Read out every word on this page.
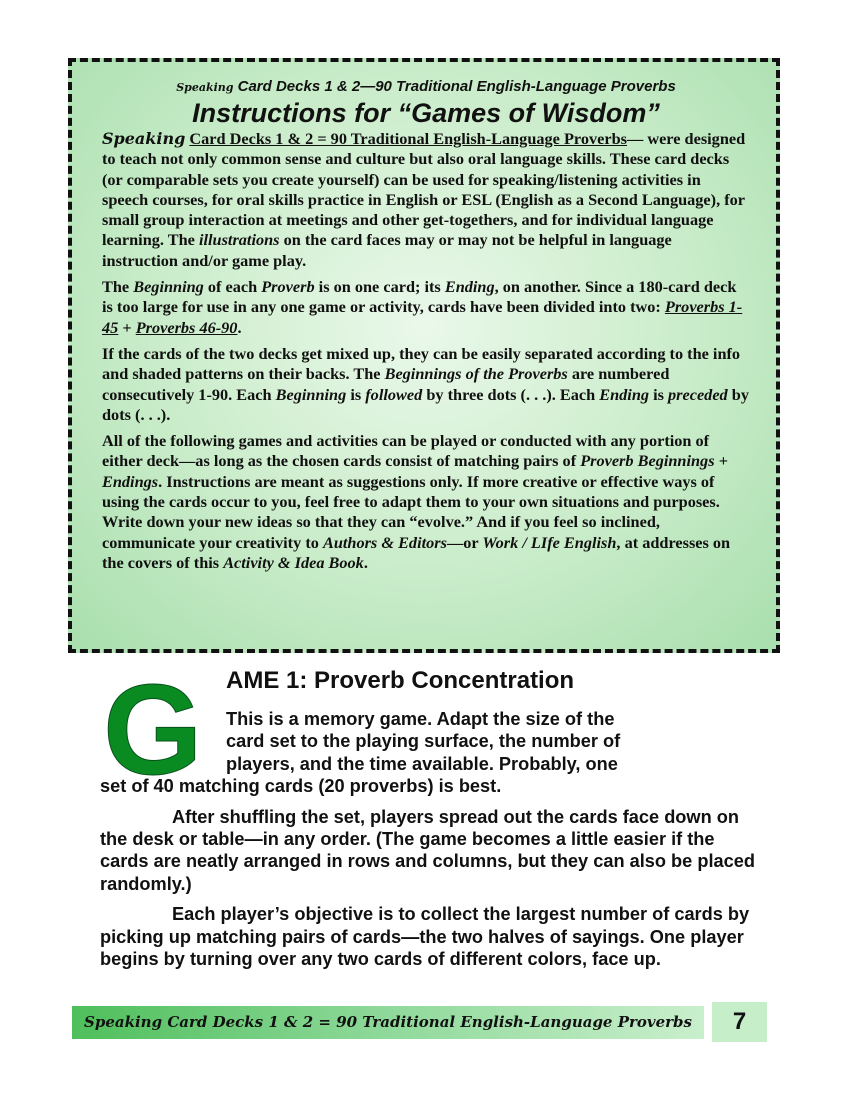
Speaking Card Decks 1 & 2—90 Traditional English-Language Proverbs
Instructions for “Games of Wisdom”

Speaking Card Decks 1 & 2 = 90 Traditional English-Language Proverbs— were designed to teach not only common sense and culture but also oral language skills. These card decks (or comparable sets you create yourself) can be used for speaking/listening activities in speech courses, for oral skills practice in English or ESL (English as a Second Language), for small group interaction at meetings and other get-togethers, and for individual language learning. The illustrations on the card faces may or may not be helpful in language instruction and/or game play.

The Beginning of each Proverb is on one card; its Ending, on another. Since a 180-card deck is too large for use in any one game or activity, cards have been divided into two: Proverbs 1-45 + Proverbs 46-90.

If the cards of the two decks get mixed up, they can be easily separated according to the info and shaded patterns on their backs. The Beginnings of the Proverbs are numbered consecutively 1-90. Each Beginning is followed by three dots (. . .). Each Ending is preceded by dots (. . .).

All of the following games and activities can be played or conducted with any portion of either deck—as long as the chosen cards consist of matching pairs of Proverb Beginnings + Endings. Instructions are meant as suggestions only. If more creative or effective ways of using the cards occur to you, feel free to adapt them to your own situations and purposes. Write down your new ideas so that they can “evolve.” And if you feel so inclined, communicate your creativity to Authors & Editors—or Work / LIfe English, at addresses on the covers of this Activity & Idea Book.

G AME 1: Proverb Concentration

This is a memory game. Adapt the size of the
card set to the playing surface, the number of
players, and the time available. Probably, one
set of 40 matching cards (20 proverbs) is best.

After shuffling the set, players spread out the cards face down on the desk or table—in any order. (The game becomes a little easier if the cards are neatly arranged in rows and columns, but they can also be placed randomly.)

Each player’s objective is to collect the largest number of cards by picking up matching pairs of cards—the two halves of sayings. One player begins by turning over any two cards of different colors, face up.

Speaking Card Decks 1 & 2 = 90 Traditional English-Language Proverbs	7
